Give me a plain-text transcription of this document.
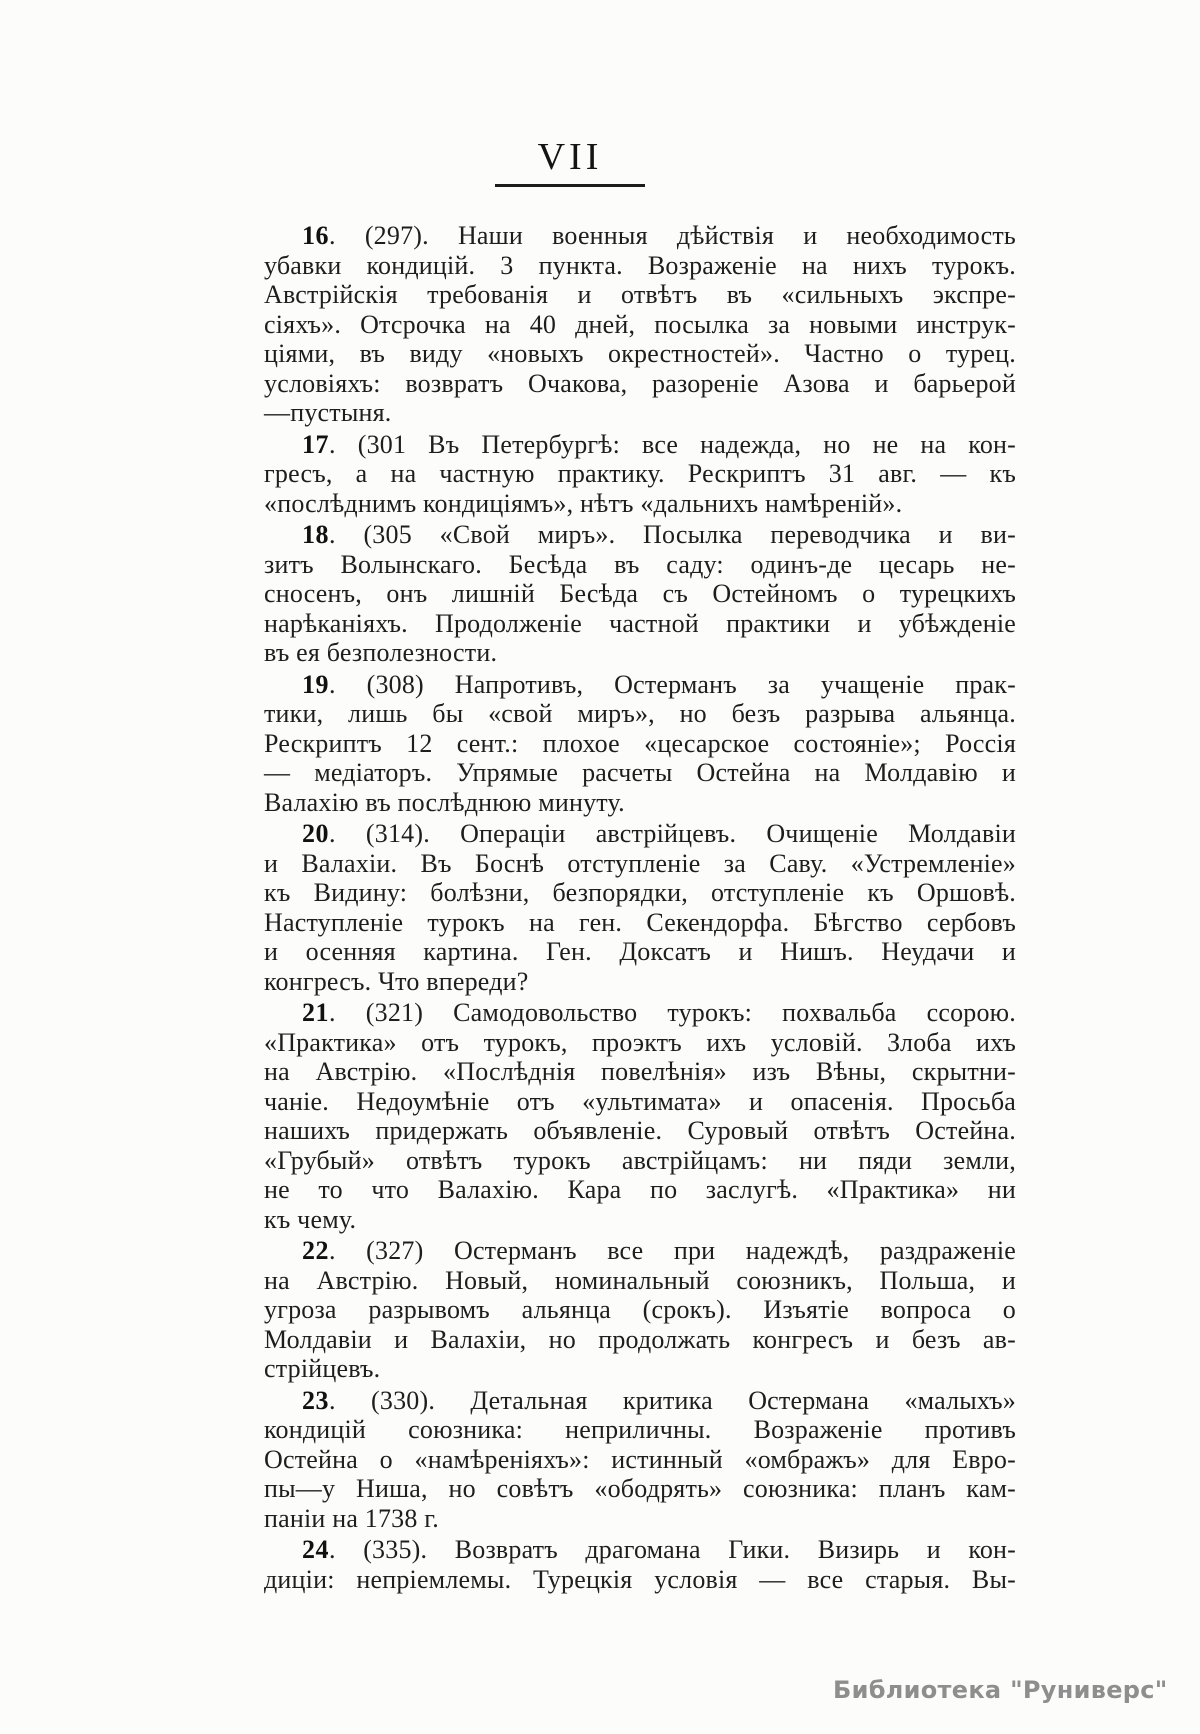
VII
16. (297). Наши военныя дѣйствія и необходимость
убавки кондицій. 3 пункта. Возраженіе на нихъ турокъ.
Австрійскія требованія и отвѣтъ въ «сильныхъ экспре-
сіяхъ». Отсрочка на 40 дней, посылка за новыми инструк-
ціями, въ виду «новыхъ окрестностей». Частно о турец.
условіяхъ: возвратъ Очакова, разореніе Азова и барьерой
—пустыня.
17. (301 Въ Петербургѣ: все надежда, но не на кон-
гресъ, а на частную практику. Рескриптъ 31 авг. — къ
«послѣднимъ кондиціямъ», нѣтъ «дальнихъ намѣреній».
18. (305 «Свой миръ». Посылка переводчика и ви-
зитъ Волынскаго. Бесѣда въ саду: одинъ-де цесарь не-
сносенъ, онъ лишній Бесѣда съ Остейномъ о турецкихъ
нарѣканіяхъ. Продолженіе частной практики и убѣжденіе
въ ея безполезности.
19. (308) Напротивъ, Остерманъ за учащеніе прак-
тики, лишь бы «свой миръ», но безъ разрыва альянца.
Рескриптъ 12 сент.: плохое «цесарское состояніе»; Россія
— медіаторъ. Упрямые расчеты Остейна на Молдавію и
Валахію въ послѣднюю минуту.
20. (314). Операціи австрійцевъ. Очищеніе Молдавіи
и Валахіи. Въ Боснѣ отступленіе за Саву. «Устремленіе»
къ Видину: болѣзни, безпорядки, отступленіе къ Оршовѣ.
Наступленіе турокъ на ген. Секендорфа. Бѣгство сербовъ
и осенняя картина. Ген. Доксатъ и Нишъ. Неудачи и
конгресъ. Что впереди?
21. (321) Самодовольство турокъ: похвальба ссорою.
«Практика» отъ турокъ, проэктъ ихъ условій. Злоба ихъ
на Австрію. «Послѣднія повелѣнія» изъ Вѣны, скрытни-
чаніе. Недоумѣніе отъ «ультимата» и опасенія. Просьба
нашихъ придержать объявленіе. Суровый отвѣтъ Остейна.
«Грубый» отвѣтъ турокъ австрійцамъ: ни пяди земли,
не то что Валахію. Кара по заслугѣ. «Практика» ни
къ чему.
22. (327) Остерманъ все при надеждѣ, раздраженіе
на Австрію. Новый, номинальный союзникъ, Польша, и
угроза разрывомъ альянца (срокъ). Изъятіе вопроса о
Молдавіи и Валахіи, но продолжать конгресъ и безъ ав-
стрійцевъ.
23. (330). Детальная критика Остермана «малыхъ»
кондицій союзника: неприличны. Возраженіе противъ
Остейна о «намѣреніяхъ»: истинный «омбражъ» для Евро-
пы—у Ниша, но совѣтъ «ободрять» союзника: планъ кам-
паніи на 1738 г.
24. (335). Возвратъ драгомана Гики. Визирь и кон-
диціи: непріемлемы. Турецкія условія — все старыя. Вы-
Библиотека "Руниверс"
